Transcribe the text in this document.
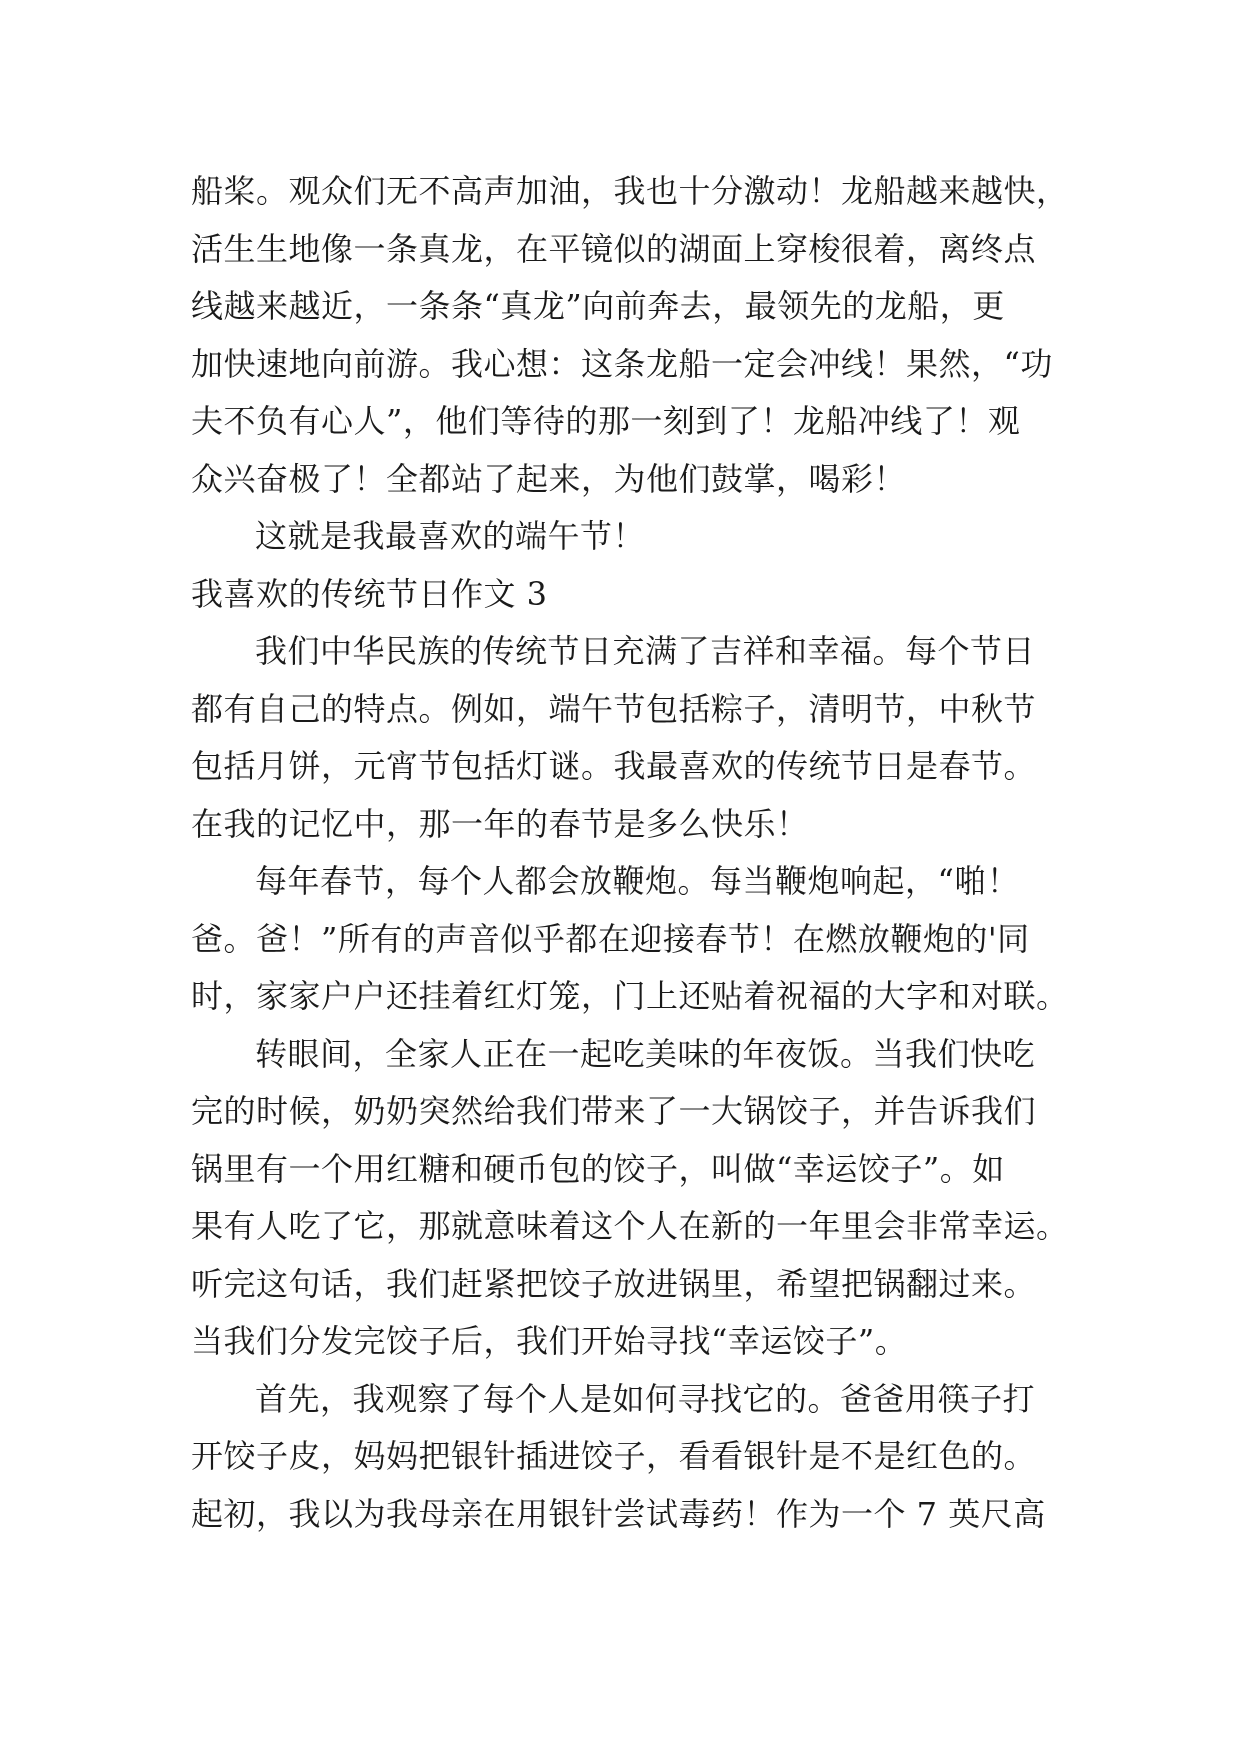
船桨。观众们无不高声加油，我也十分激动！龙船越来越快，
活生生地像一条真龙，在平镜似的湖面上穿梭很着，离终点
线越来越近，一条条“真龙”向前奔去，最领先的龙船，更
加快速地向前游。我心想：这条龙船一定会冲线！果然，“功
夫不负有心人”，他们等待的那一刻到了！龙船冲线了！观
众兴奋极了！全都站了起来，为他们鼓掌，喝彩！
这就是我最喜欢的端午节！
我喜欢的传统节日作文 3
我们中华民族的传统节日充满了吉祥和幸福。每个节日
都有自己的特点。例如，端午节包括粽子，清明节，中秋节
包括月饼，元宵节包括灯谜。我最喜欢的传统节日是春节。
在我的记忆中，那一年的春节是多么快乐！
每年春节，每个人都会放鞭炮。每当鞭炮响起，“啪！
爸。爸！”所有的声音似乎都在迎接春节！在燃放鞭炮的'同
时，家家户户还挂着红灯笼，门上还贴着祝福的大字和对联。
转眼间，全家人正在一起吃美味的年夜饭。当我们快吃
完的时候，奶奶突然给我们带来了一大锅饺子，并告诉我们
锅里有一个用红糖和硬币包的饺子，叫做“幸运饺子”。如
果有人吃了它，那就意味着这个人在新的一年里会非常幸运。
听完这句话，我们赶紧把饺子放进锅里，希望把锅翻过来。
当我们分发完饺子后，我们开始寻找“幸运饺子”。
首先，我观察了每个人是如何寻找它的。爸爸用筷子打
开饺子皮，妈妈把银针插进饺子，看看银针是不是红色的。
起初，我以为我母亲在用银针尝试毒药！作为一个 7 英尺高
